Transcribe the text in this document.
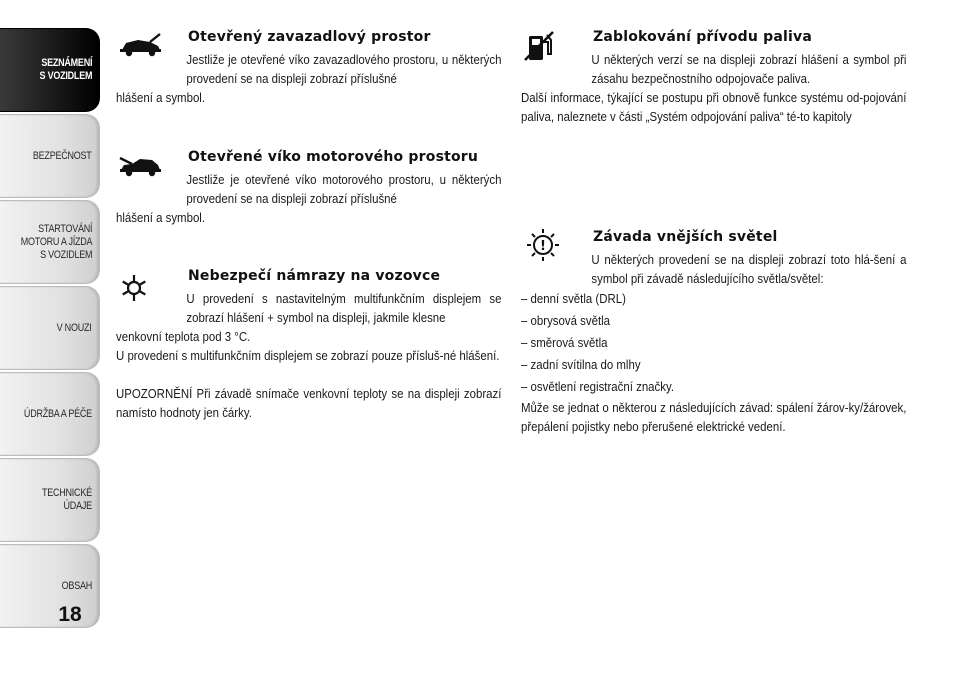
SEZNÁMENÍ
S VOZIDLEM
BEZPEČNOST
STARTOVÁNÍ
MOTORU A JÍZDA
S VOZIDLEM
V NOUZI
ÚDRŽBA A PÉČE
TECHNICKÉ
ÚDAJE
OBSAH
18
Otevřený zavazadlový prostor

Jestliže je otevřené víko zavazadlového prostoru, u některých provedení se na displeji zobrazí příslušné

hlášení a symbol.

Otevřené víko motorového prostoru

Jestliže je otevřené víko motorového prostoru, u některých provedení se na displeji zobrazí příslušné

hlášení a symbol.

Nebezpečí námrazy na vozovce

U provedení s nastavitelným multifunkčním displejem se zobrazí hlášení + symbol na displeji, jakmile klesne

venkovní teplota pod 3 °C.

U provedení s multifunkčním displejem se zobrazí pouze přísluš-né hlášení.

UPOZORNĚNÍ Při závadě snímače venkovní teploty se na displeji zobrazí namísto hodnoty jen čárky.

Zablokování přívodu paliva

U některých verzí se na displeji zobrazí hlášení a symbol při zásahu bezpečnostního odpojovače paliva.

Další informace, týkající se postupu při obnově funkce systému od-pojování paliva, naleznete v části „Systém odpojování paliva“ té-to kapitoly

!
Závada vnějších světel

U některých provedení se na displeji zobrazí toto hlá-šení a symbol při závadě následujícího světla/světel:

– denní světla (DRL)
– obrysová světla
– směrová světla
– zadní svítilna do mlhy
– osvětlení registrační značky.

Může se jednat o některou z následujících závad: spálení žárov-ky/žárovek, přepálení pojistky nebo přerušené elektrické vedení.
